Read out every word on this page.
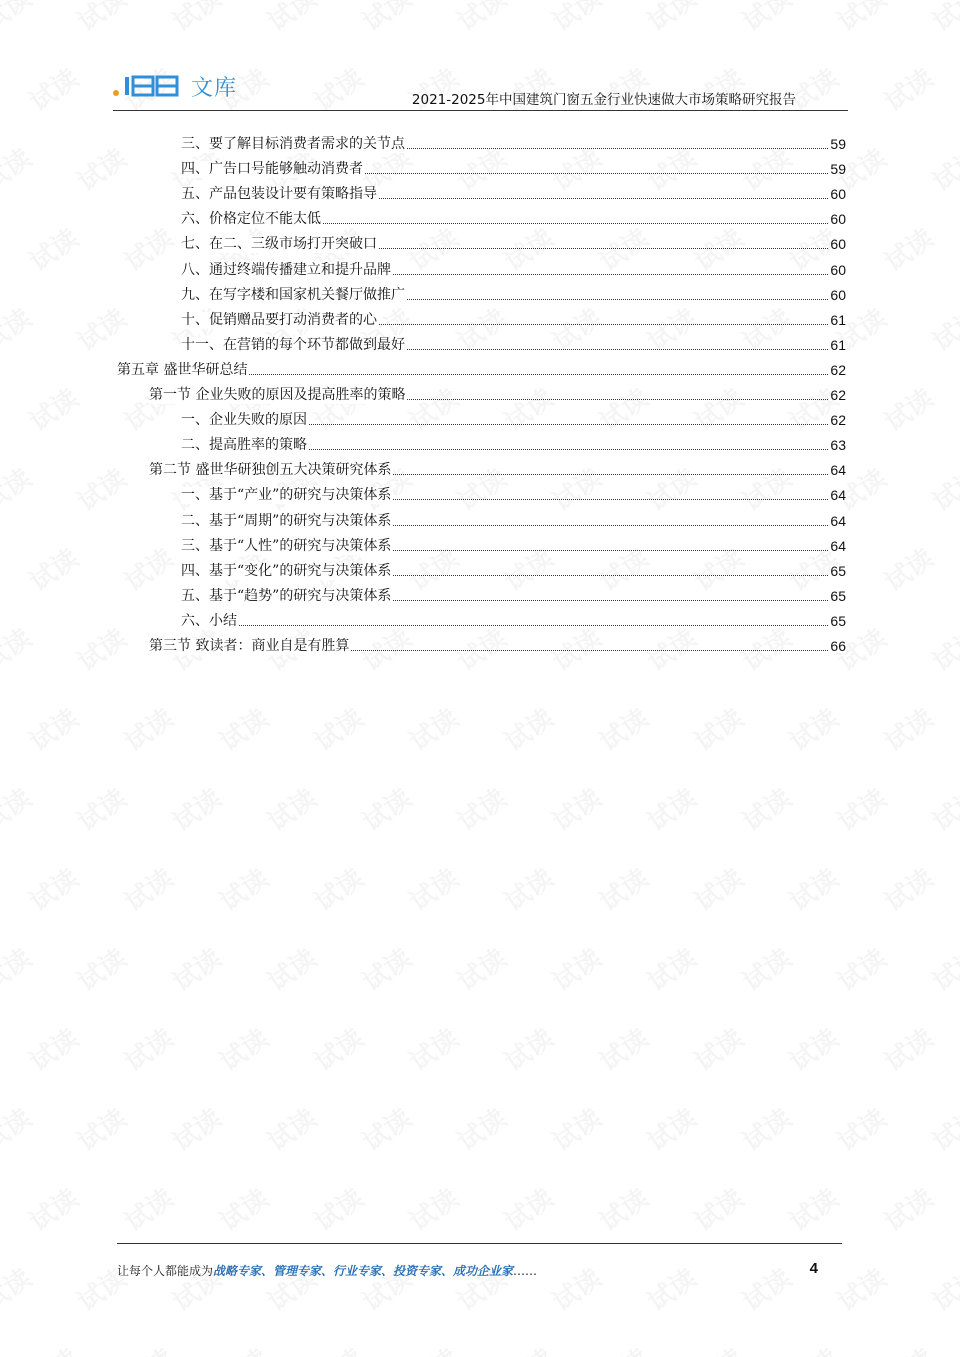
文库	2021-2025年中国建筑门窗五金行业快速做大市场策略研究报告
三、要了解目标消费者需求的关节点	59
四、广告口号能够触动消费者	59
五、产品包装设计要有策略指导	60
六、价格定位不能太低	60
七、在二、三级市场打开突破口	60
八、通过终端传播建立和提升品牌	60
九、在写字楼和国家机关餐厅做推广	60
十、促销赠品要打动消费者的心	61
十一、在营销的每个环节都做到最好	61
第五章 盛世华研总结	62
第一节 企业失败的原因及提高胜率的策略	62
一、企业失败的原因	62
二、提高胜率的策略	63
第二节 盛世华研独创五大决策研究体系	64
一、基于“产业”的研究与决策体系	64
二、基于“周期”的研究与决策体系	64
三、基于“人性”的研究与决策体系	64
四、基于“变化”的研究与决策体系	65
五、基于“趋势”的研究与决策体系	65
六、小结	65
第三节 致读者：商业自是有胜算	66
让每个人都能成为战略专家、管理专家、行业专家、投资专家、成功企业家……	4
